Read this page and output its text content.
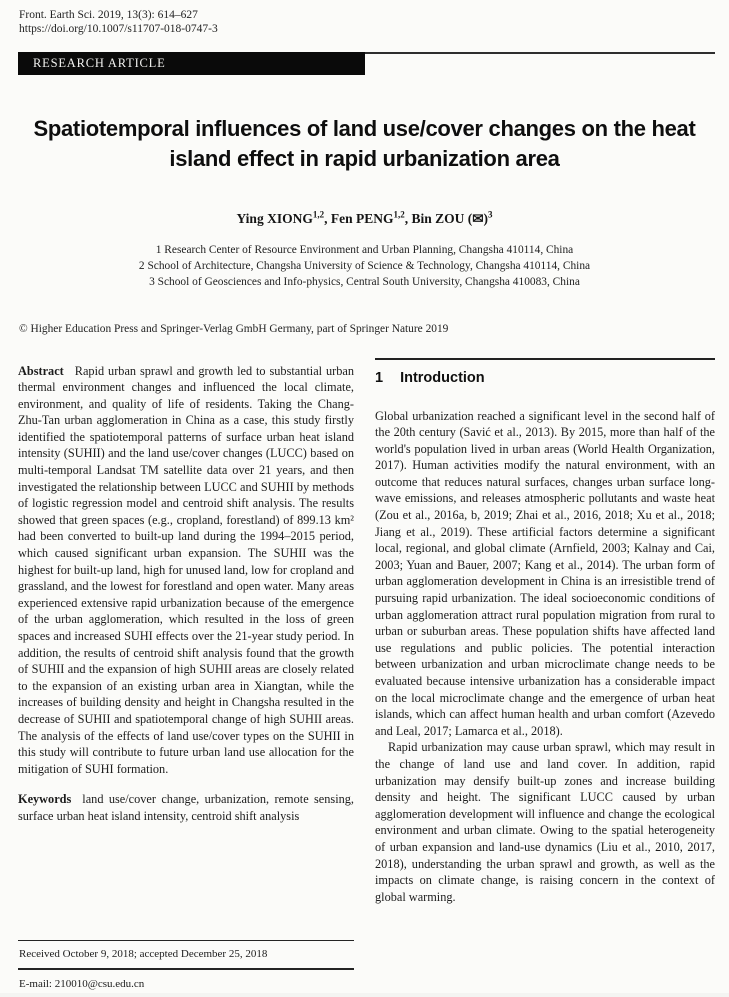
Front. Earth Sci. 2019, 13(3): 614–627
https://doi.org/10.1007/s11707-018-0747-3
RESEARCH ARTICLE
Spatiotemporal influences of land use/cover changes on the heat island effect in rapid urbanization area
Ying XIONG$^{1,2}$, Fen PENG$^{1,2}$, Bin ZOU (✉)$^3$
1 Research Center of Resource Environment and Urban Planning, Changsha 410114, China
2 School of Architecture, Changsha University of Science & Technology, Changsha 410114, China
3 School of Geosciences and Info-physics, Central South University, Changsha 410083, China
© Higher Education Press and Springer-Verlag GmbH Germany, part of Springer Nature 2019

Abstract Rapid urban sprawl and growth led to substantial urban thermal environment changes and influenced the local climate, environment, and quality of life of residents. Taking the Chang-Zhu-Tan urban agglomeration in China as a case, this study firstly identified the spatiotemporal patterns of surface urban heat island intensity (SUHII) and the land use/cover changes (LUCC) based on multi-temporal Landsat TM satellite data over 21 years, and then investigated the relationship between LUCC and SUHII by methods of logistic regression model and centroid shift analysis. The results showed that green spaces (e.g., cropland, forestland) of 899.13 km² had been converted to built-up land during the 1994–2015 period, which caused significant urban expansion. The SUHII was the highest for built-up land, high for unused land, low for cropland and grassland, and the lowest for forestland and open water. Many areas experienced extensive rapid urbanization because of the emergence of the urban agglomeration, which resulted in the loss of green spaces and increased SUHI effects over the 21-year study period. In addition, the results of centroid shift analysis found that the growth of SUHII and the expansion of high SUHII areas are closely related to the expansion of an existing urban area in Xiangtan, while the increases of building density and height in Changsha resulted in the decrease of SUHII and spatiotemporal change of high SUHII areas. The analysis of the effects of land use/cover types on the SUHII in this study will contribute to future urban land use allocation for the mitigation of SUHI formation.

Keywords land use/cover change, urbanization, remote sensing, surface urban heat island intensity, centroid shift analysis

Received October 9, 2018; accepted December 25, 2018
E-mail: 210010@csu.edu.cn
1 Introduction

Global urbanization reached a significant level in the second half of the 20th century (Savić et al., 2013). By 2015, more than half of the world's population lived in urban areas (World Health Organization, 2017). Human activities modify the natural environment, with an outcome that reduces natural surfaces, changes urban surface long-wave emissions, and releases atmospheric pollutants and waste heat (Zou et al., 2016a, b, 2019; Zhai et al., 2016, 2018; Xu et al., 2018; Jiang et al., 2019). These artificial factors determine a significant local, regional, and global climate (Arnfield, 2003; Kalnay and Cai, 2003; Yuan and Bauer, 2007; Kang et al., 2014). The urban form of urban agglomeration development in China is an irresistible trend of pursuing rapid urbanization. The ideal socioeconomic conditions of urban agglomeration attract rural population migration from rural to urban or suburban areas. These population shifts have affected land use regulations and public policies. The potential interaction between urbanization and urban microclimate change needs to be evaluated because intensive urbanization has a considerable impact on the local microclimate change and the emergence of urban heat islands, which can affect human health and urban comfort (Azevedo and Leal, 2017; Lamarca et al., 2018).

Rapid urbanization may cause urban sprawl, which may result in the change of land use and land cover. In addition, rapid urbanization may densify built-up zones and increase building density and height. The significant LUCC caused by urban agglomeration development will influence and change the ecological environment and urban climate. Owing to the spatial heterogeneity of urban expansion and land-use dynamics (Liu et al., 2010, 2017, 2018), understanding the urban sprawl and growth, as well as the impacts on climate change, is raising concern in the context of global warming.
